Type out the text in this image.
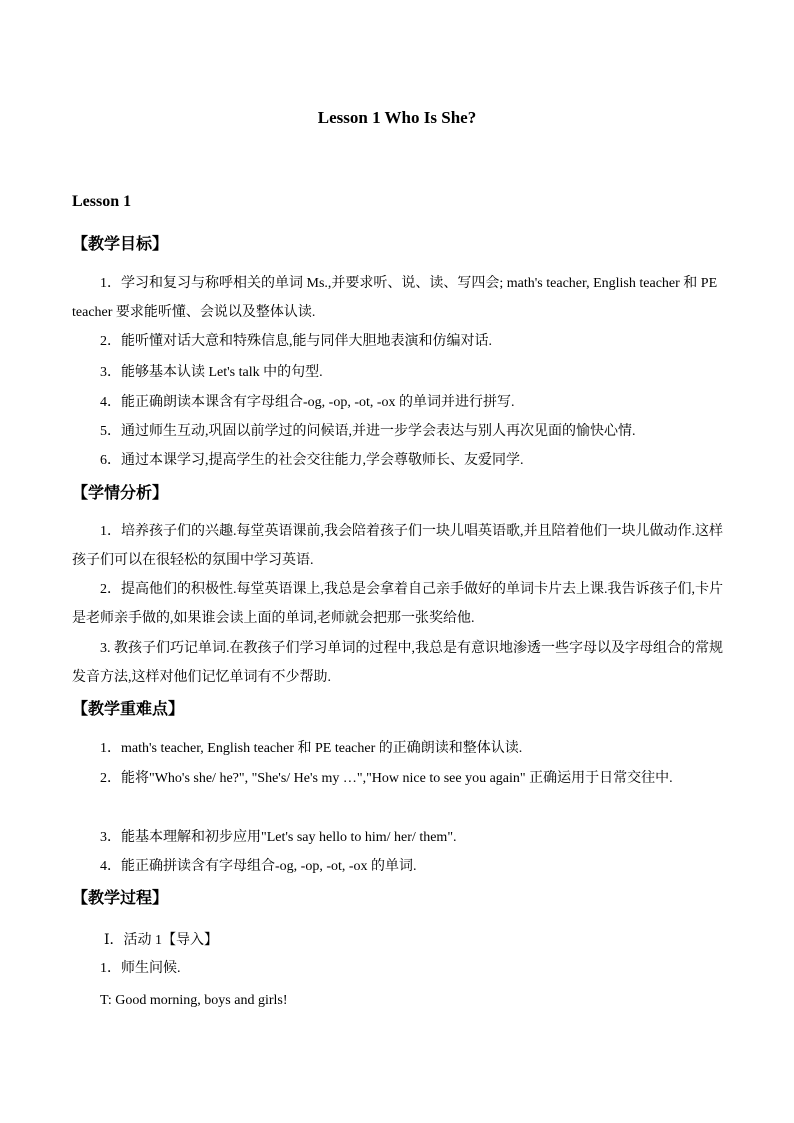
Lesson 1 Who Is She?
Lesson 1
【教学目标】
1．学习和复习与称呼相关的单词 Ms.,并要求听、说、读、写四会; math's teacher, English teacher 和 PE teacher 要求能听懂、会说以及整体认读.
2．能听懂对话大意和特殊信息,能与同伴大胆地表演和仿编对话.
3．能够基本认读 Let's talk 中的句型.
4．能正确朗读本课含有字母组合-og, -op, -ot, -ox 的单词并进行拼写.
5．通过师生互动,巩固以前学过的问候语,并进一步学会表达与别人再次见面的愉快心情.
6．通过本课学习,提高学生的社会交往能力,学会尊敬师长、友爱同学.
【学情分析】
1．培养孩子们的兴趣.每堂英语课前,我会陪着孩子们一块儿唱英语歌,并且陪着他们一块儿做动作.这样孩子们可以在很轻松的氛围中学习英语.
2．提高他们的积极性.每堂英语课上,我总是会拿着自己亲手做好的单词卡片去上课.我告诉孩子们,卡片是老师亲手做的,如果谁会读上面的单词,老师就会把那一张奖给他.
3. 教孩子们巧记单词.在教孩子们学习单词的过程中,我总是有意识地渗透一些字母以及字母组合的常规发音方法,这样对他们记忆单词有不少帮助.
【教学重难点】
1．math's teacher, English teacher 和 PE teacher 的正确朗读和整体认读.
2．能将"Who's she/ he?", "She's/ He's my …","How nice to see you again" 正确运用于日常交往中.
3．能基本理解和初步应用"Let's say hello to him/ her/ them".
4．能正确拼读含有字母组合-og, -op, -ot, -ox 的单词.
【教学过程】
Ⅰ．活动 1【导入】
1．师生问候.
T: Good morning, boys and girls!
